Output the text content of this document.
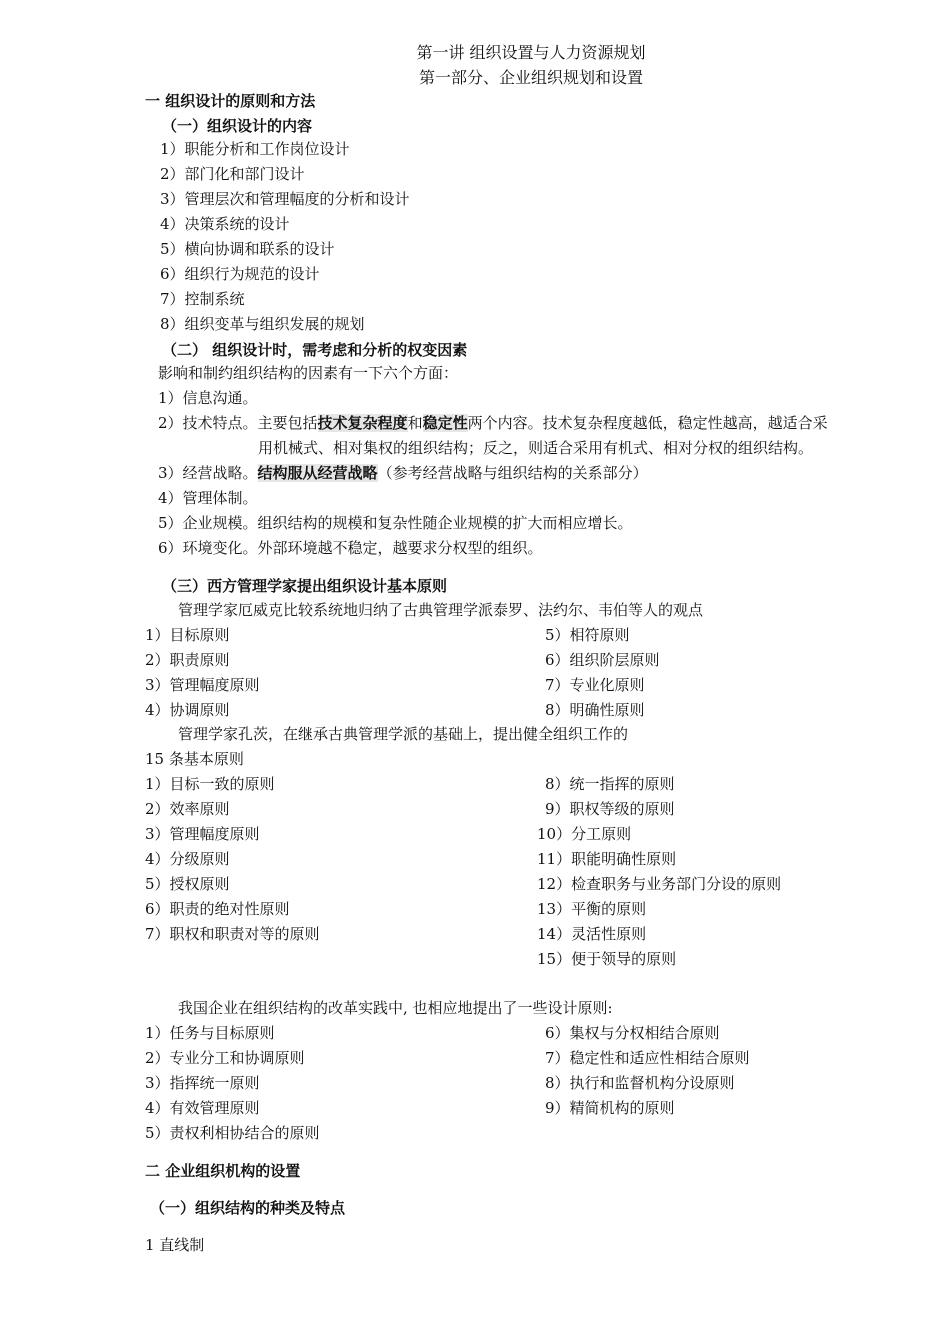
第一讲 组织设置与人力资源规划
第一部分、企业组织规划和设置
一 组织设计的原则和方法
（一）组织设计的内容
1）职能分析和工作岗位设计
2）部门化和部门设计
3）管理层次和管理幅度的分析和设计
4）决策系统的设计
5）横向协调和联系的设计
6）组织行为规范的设计
7）控制系统
8）组织变革与组织发展的规划
（二） 组织设计时，需考虑和分析的权变因素
影响和制约组织结构的因素有一下六个方面：
1）信息沟通。
2）技术特点。主要包括技术复杂程度和稳定性两个内容。技术复杂程度越低，稳定性越高，越适合采
用机械式、相对集权的组织结构；反之，则适合采用有机式、相对分权的组织结构。
3）经营战略。结构服从经营战略（参考经营战略与组织结构的关系部分）
4）管理体制。
5）企业规模。组织结构的规模和复杂性随企业规模的扩大而相应增长。
6）环境变化。外部环境越不稳定，越要求分权型的组织。
（三）西方管理学家提出组织设计基本原则
管理学家厄威克比较系统地归纳了古典管理学派泰罗、法约尔、韦伯等人的观点
1）目标原则
2）职责原则
3）管理幅度原则
4）协调原则
5）相符原则
6）组织阶层原则
7）专业化原则
8）明确性原则
管理学家孔茨，在继承古典管理学派的基础上，提出健全组织工作的
15 条基本原则
1）目标一致的原则
2）效率原则
3）管理幅度原则
4）分级原则
5）授权原则
6）职责的绝对性原则
7）职权和职责对等的原则
8）统一指挥的原则
9）职权等级的原则
10）分工原则
11）职能明确性原则
12）检查职务与业务部门分设的原则
13）平衡的原则
14）灵活性原则
15）便于领导的原则
我国企业在组织结构的改革实践中, 也相应地提出了一些设计原则:
1）任务与目标原则
2）专业分工和协调原则
3）指挥统一原则
4）有效管理原则
5）责权利相协结合的原则
6）集权与分权相结合原则
7）稳定性和适应性相结合原则
8）执行和监督机构分设原则
9）精简机构的原则
二 企业组织机构的设置
（一）组织结构的种类及特点
1 直线制
